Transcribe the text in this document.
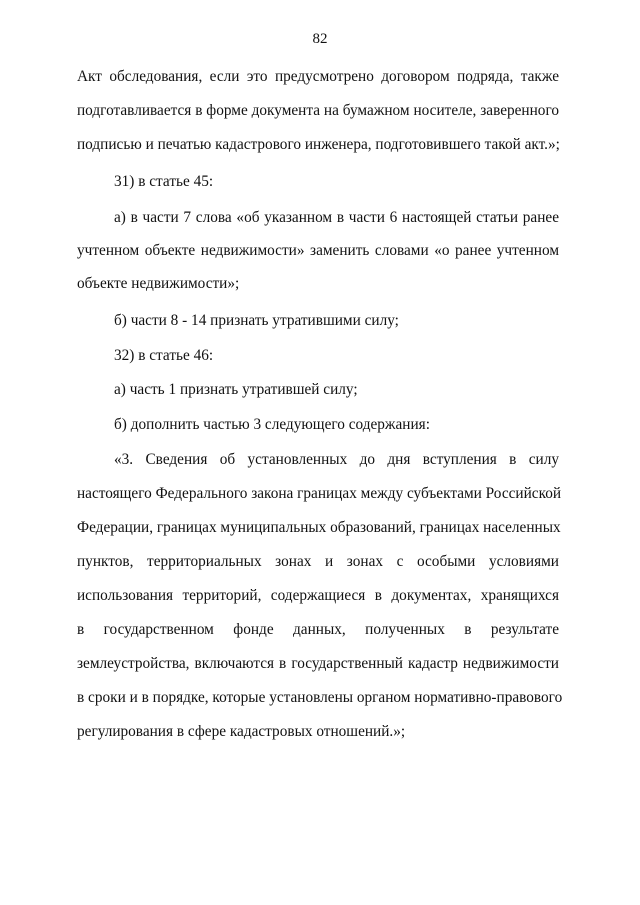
82
Акт обследования, если это предусмотрено договором подряда, также
подготавливается в форме документа на бумажном носителе, заверенного
подписью и печатью кадастрового инженера, подготовившего такой акт.»;
31) в статье 45:
а) в части 7 слова «об указанном в части 6 настоящей статьи ранее
учтенном объекте недвижимости» заменить словами «о ранее учтенном
объекте недвижимости»;
б) части 8 - 14 признать утратившими силу;
32) в статье 46:
а) часть 1 признать утратившей силу;
б) дополнить частью 3 следующего содержания:
«3. Сведения об установленных до дня вступления в силу
настоящего Федерального закона границах между субъектами Российской
Федерации, границах муниципальных образований, границах населенных
пунктов, территориальных зонах и зонах с особыми условиями
использования территорий, содержащиеся в документах, хранящихся
в государственном фонде данных, полученных в результате
землеустройства, включаются в государственный кадастр недвижимости
в сроки и в порядке, которые установлены органом нормативно-правового
регулирования в сфере кадастровых отношений.»;
